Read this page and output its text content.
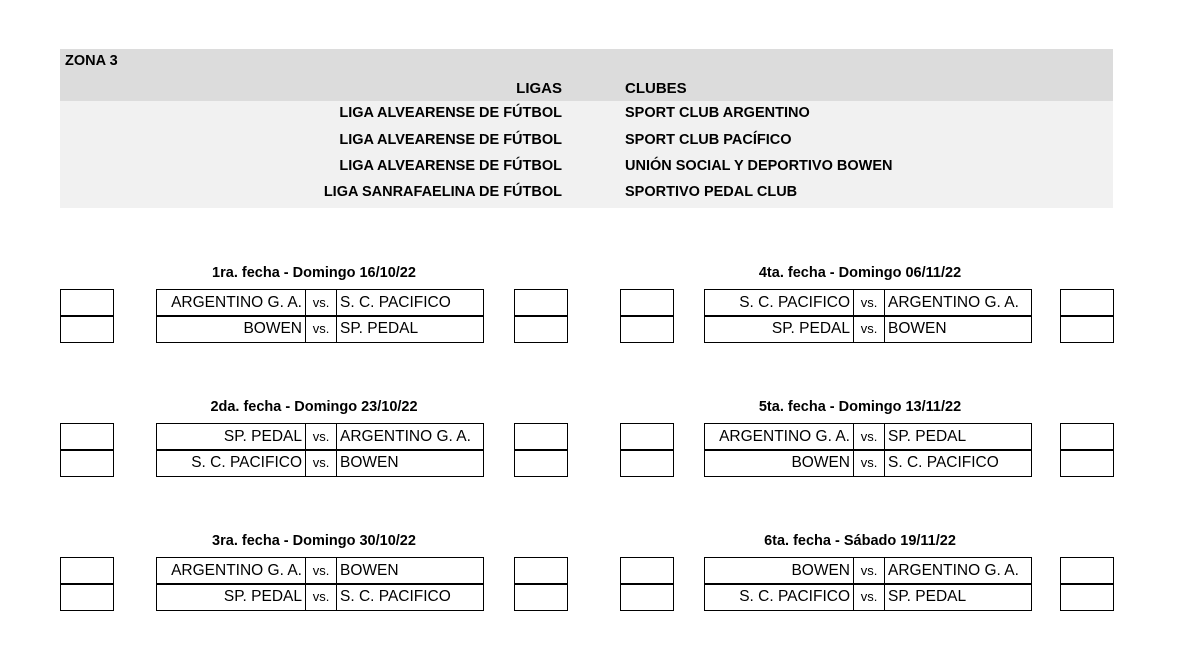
ZONA 3
LIGAS	CLUBES
LIGA ALVEARENSE DE FÚTBOL	SPORT CLUB ARGENTINO
LIGA ALVEARENSE DE FÚTBOL	SPORT CLUB PACÍFICO
LIGA ALVEARENSE DE FÚTBOL	UNIÓN SOCIAL Y DEPORTIVO BOWEN
LIGA SANRAFAELINA DE FÚTBOL	SPORTIVO PEDAL CLUB
1ra. fecha - Domingo 16/10/22
ARGENTINO G. A. vs. S. C. PACIFICO
BOWEN vs. SP. PEDAL
4ta. fecha - Domingo 06/11/22
S. C. PACIFICO vs. ARGENTINO G. A.
SP. PEDAL vs. BOWEN
2da. fecha - Domingo 23/10/22
SP. PEDAL vs. ARGENTINO G. A.
S. C. PACIFICO vs. BOWEN
5ta. fecha - Domingo 13/11/22
ARGENTINO G. A. vs. SP. PEDAL
BOWEN vs. S. C. PACIFICO
3ra. fecha - Domingo 30/10/22
ARGENTINO G. A. vs. BOWEN
SP. PEDAL vs. S. C. PACIFICO
6ta. fecha - Sábado 19/11/22
BOWEN vs. ARGENTINO G. A.
S. C. PACIFICO vs. SP. PEDAL
